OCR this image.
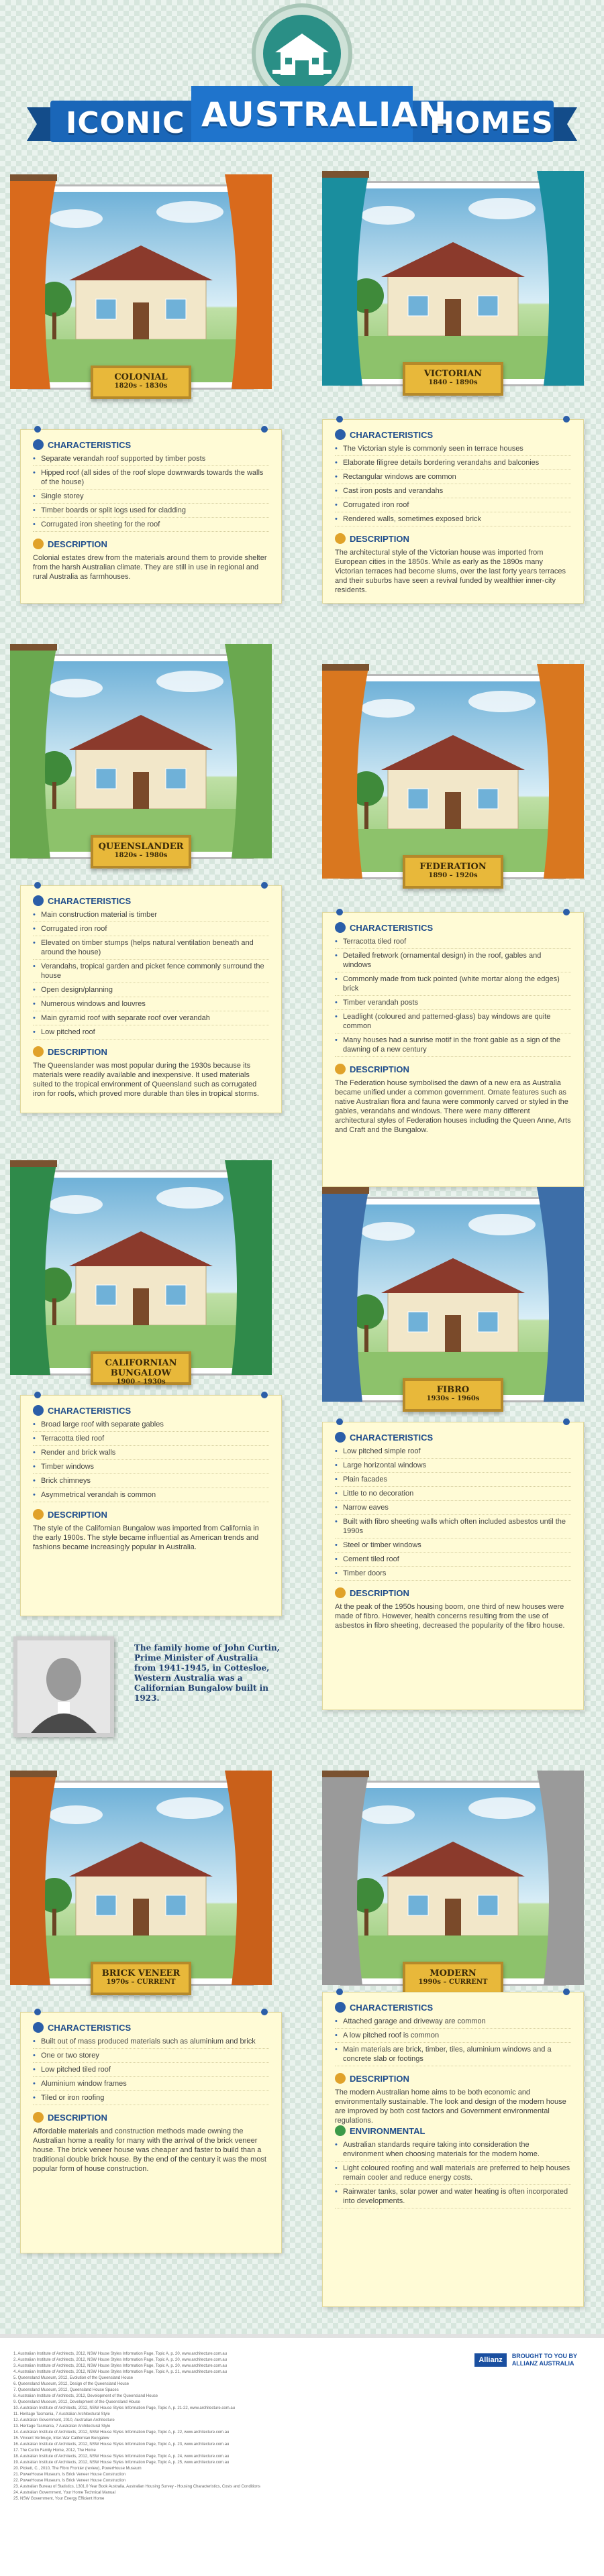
ICONIC AUSTRALIAN
HOMES
COLONIAL
1820s – 1830s
CHARACTERISTICS
• Separate verandah roof supported by timber posts
• Hipped roof (all sides of the roof slope downwards towards the walls of the house)
• Single storey
• Timber boards or split logs used for cladding
• Corrugated iron sheeting for the roof
DESCRIPTION

Colonial estates drew from the materials around them to provide shelter from the harsh Australian climate. They are still in use in regional and rural Australia as farmhouses.

VICTORIAN
1840 – 1890s
CHARACTERISTICS
• The Victorian style is commonly seen in terrace houses
• Elaborate filigree details bordering verandahs and balconies
• Rectangular windows are common
• Cast iron posts and verandahs
• Corrugated iron roof
• Rendered walls, sometimes exposed brick
DESCRIPTION

The architectural style of the Victorian house was imported from European cities in the 1850s. While as early as the 1890s many Victorian terraces had become slums, over the last forty years terraces and their suburbs have seen a revival funded by wealthier inner-city residents.

QUEENSLANDER
1820s – 1980s
CHARACTERISTICS
• Main construction material is timber
• Corrugated iron roof
• Elevated on timber stumps (helps natural ventilation beneath and around the house)
• Verandahs, tropical garden and picket fence commonly surround the house
• Open design/planning
• Numerous windows and louvres
• Main gyramid roof with separate roof over verandah
• Low pitched roof
DESCRIPTION

The Queenslander was most popular during the 1930s because its materials were readily available and inexpensive. It used materials suited to the tropical environment of Queensland such as corrugated iron for roofs, which proved more durable than tiles in tropical storms.

FEDERATION
1890 – 1920s
CHARACTERISTICS
• Terracotta tiled roof
• Detailed fretwork (ornamental design) in the roof, gables and windows
• Commonly made from tuck pointed (white mortar along the edges) brick
• Timber verandah posts
• Leadlight (coloured and patterned-glass) bay windows are quite common
• Many houses had a sunrise motif in the front gable as a sign of the dawning of a new century
DESCRIPTION

The Federation house symbolised the dawn of a new era as Australia became unified under a common government. Ornate features such as native Australian flora and fauna were commonly carved or styled in the gables, verandahs and windows. There were many different architectural styles of Federation houses including the Queen Anne, Arts and Craft and the Bungalow.

CALIFORNIAN BUNGALOW
1900 – 1930s
CHARACTERISTICS
• Broad large roof with separate gables
• Terracotta tiled roof
• Render and brick walls
• Timber windows
• Brick chimneys
• Asymmetrical verandah is common
DESCRIPTION

The style of the Californian Bungalow was imported from California in the early 1900s. The style became influential as American trends and fashions became increasingly popular in Australia.

FIBRO
1930s – 1960s
CHARACTERISTICS
• Low pitched simple roof
• Large horizontal windows
• Plain facades
• Little to no decoration
• Narrow eaves
• Built with fibro sheeting walls which often included asbestos until the 1990s
• Steel or timber windows
• Cement tiled roof
• Timber doors
DESCRIPTION

At the peak of the 1950s housing boom, one third of new houses were made of fibro. However, health concerns resulting from the use of asbestos in fibro sheeting, decreased the popularity of the fibro house.

BRICK VENEER
1970s – CURRENT
CHARACTERISTICS
• Built out of mass produced materials such as aluminium and brick
• One or two storey
• Low pitched tiled roof
• Aluminium window frames
• Tiled or iron roofing
DESCRIPTION

Affordable materials and construction methods made owning the Australian home a reality for many with the arrival of the brick veneer house. The brick veneer house was cheaper and faster to build than a traditional double brick house. By the end of the century it was the most popular form of house construction.

MODERN
1990s – CURRENT
CHARACTERISTICS
• Attached garage and driveway are common
• A low pitched roof is common
• Main materials are brick, timber, tiles, aluminium windows and a concrete slab or footings
DESCRIPTION

The modern Australian home aims to be both economic and environmentally sustainable. The look and design of the modern house are improved by both cost factors and Government environmental regulations.

ENVIRONMENTAL
• Australian standards require taking into consideration the environment when choosing materials for the modern home.
• Light coloured roofing and wall materials are preferred to help houses remain cooler and reduce energy costs.
• Rainwater tanks, solar power and water heating is often incorporated into developments.
The family home of John Curtin, Prime Minister of Australia from 1941-1945, in Cottesloe, Western Australia was a Californian Bungalow built in 1923.
1. Australian Institute of Architects, 2012, NSW House Styles Information Page, Topic A, p. 20, www.architecture.com.au
2. Australian Institute of Architects, 2012, NSW House Styles Information Page, Topic A, p. 20, www.architecture.com.au
3. Australian Institute of Architects, 2012, NSW House Styles Information Page, Topic A, p. 20, www.architecture.com.au
4. Australian Institute of Architects, 2012, NSW House Styles Information Page, Topic A, p. 21, www.architecture.com.au
5. Queensland Museum, 2012, Evolution of the Queensland House
6. Queensland Museum, 2012, Design of the Queensland House
7. Queensland Museum, 2012, Queensland House Spaces
8. Australian Institute of Architects, 2012, Development of the Queensland House
9. Queensland Museum, 2012, Development of the Queensland House
10. Australian Institute of Architects, 2012, NSW House Styles Information Page, Topic A, p. 21-22, www.architecture.com.au
11. Heritage Tasmania, 7 Australian Architectural Style
12. Australian Government, 2010, Australian Architecture
13. Heritage Tasmania, 7 Australian Architectural Style
14. Australian Institute of Architects, 2012, NSW House Styles Information Page, Topic A, p. 22, www.architecture.com.au
15. Vincent Verbruge, Inter-War Californian Bungalow
16. Australian Institute of Architects, 2012, NSW House Styles Information Page, Topic A, p. 23, www.architecture.com.au
17. The Curtin Family Home, 2012, The Home
18. Australian Institute of Architects, 2012, NSW House Styles Information Page, Topic A, p. 24, www.architecture.com.au
19. Australian Institute of Architects, 2012, NSW House Styles Information Page, Topic A, p. 25, www.architecture.com.au
20. Pickett, C., 2010, The Fibro Frontier (review), PowerHouse Museum
21. PowerHouse Museum, Is Brick Veneer House Construction
22. PowerHouse Museum, Is Brick Veneer House Construction
23. Australian Bureau of Statistics, 1301.0 Year Book Australia, Australian Housing Survey - Housing Characteristics, Costs and Conditions
24. Australian Government, Your Home Technical Manual
25. NSW Government, Your Energy Efficient Home
Allianz	BROUGHT TO YOU BY
ALLIANZ AUSTRALIA
